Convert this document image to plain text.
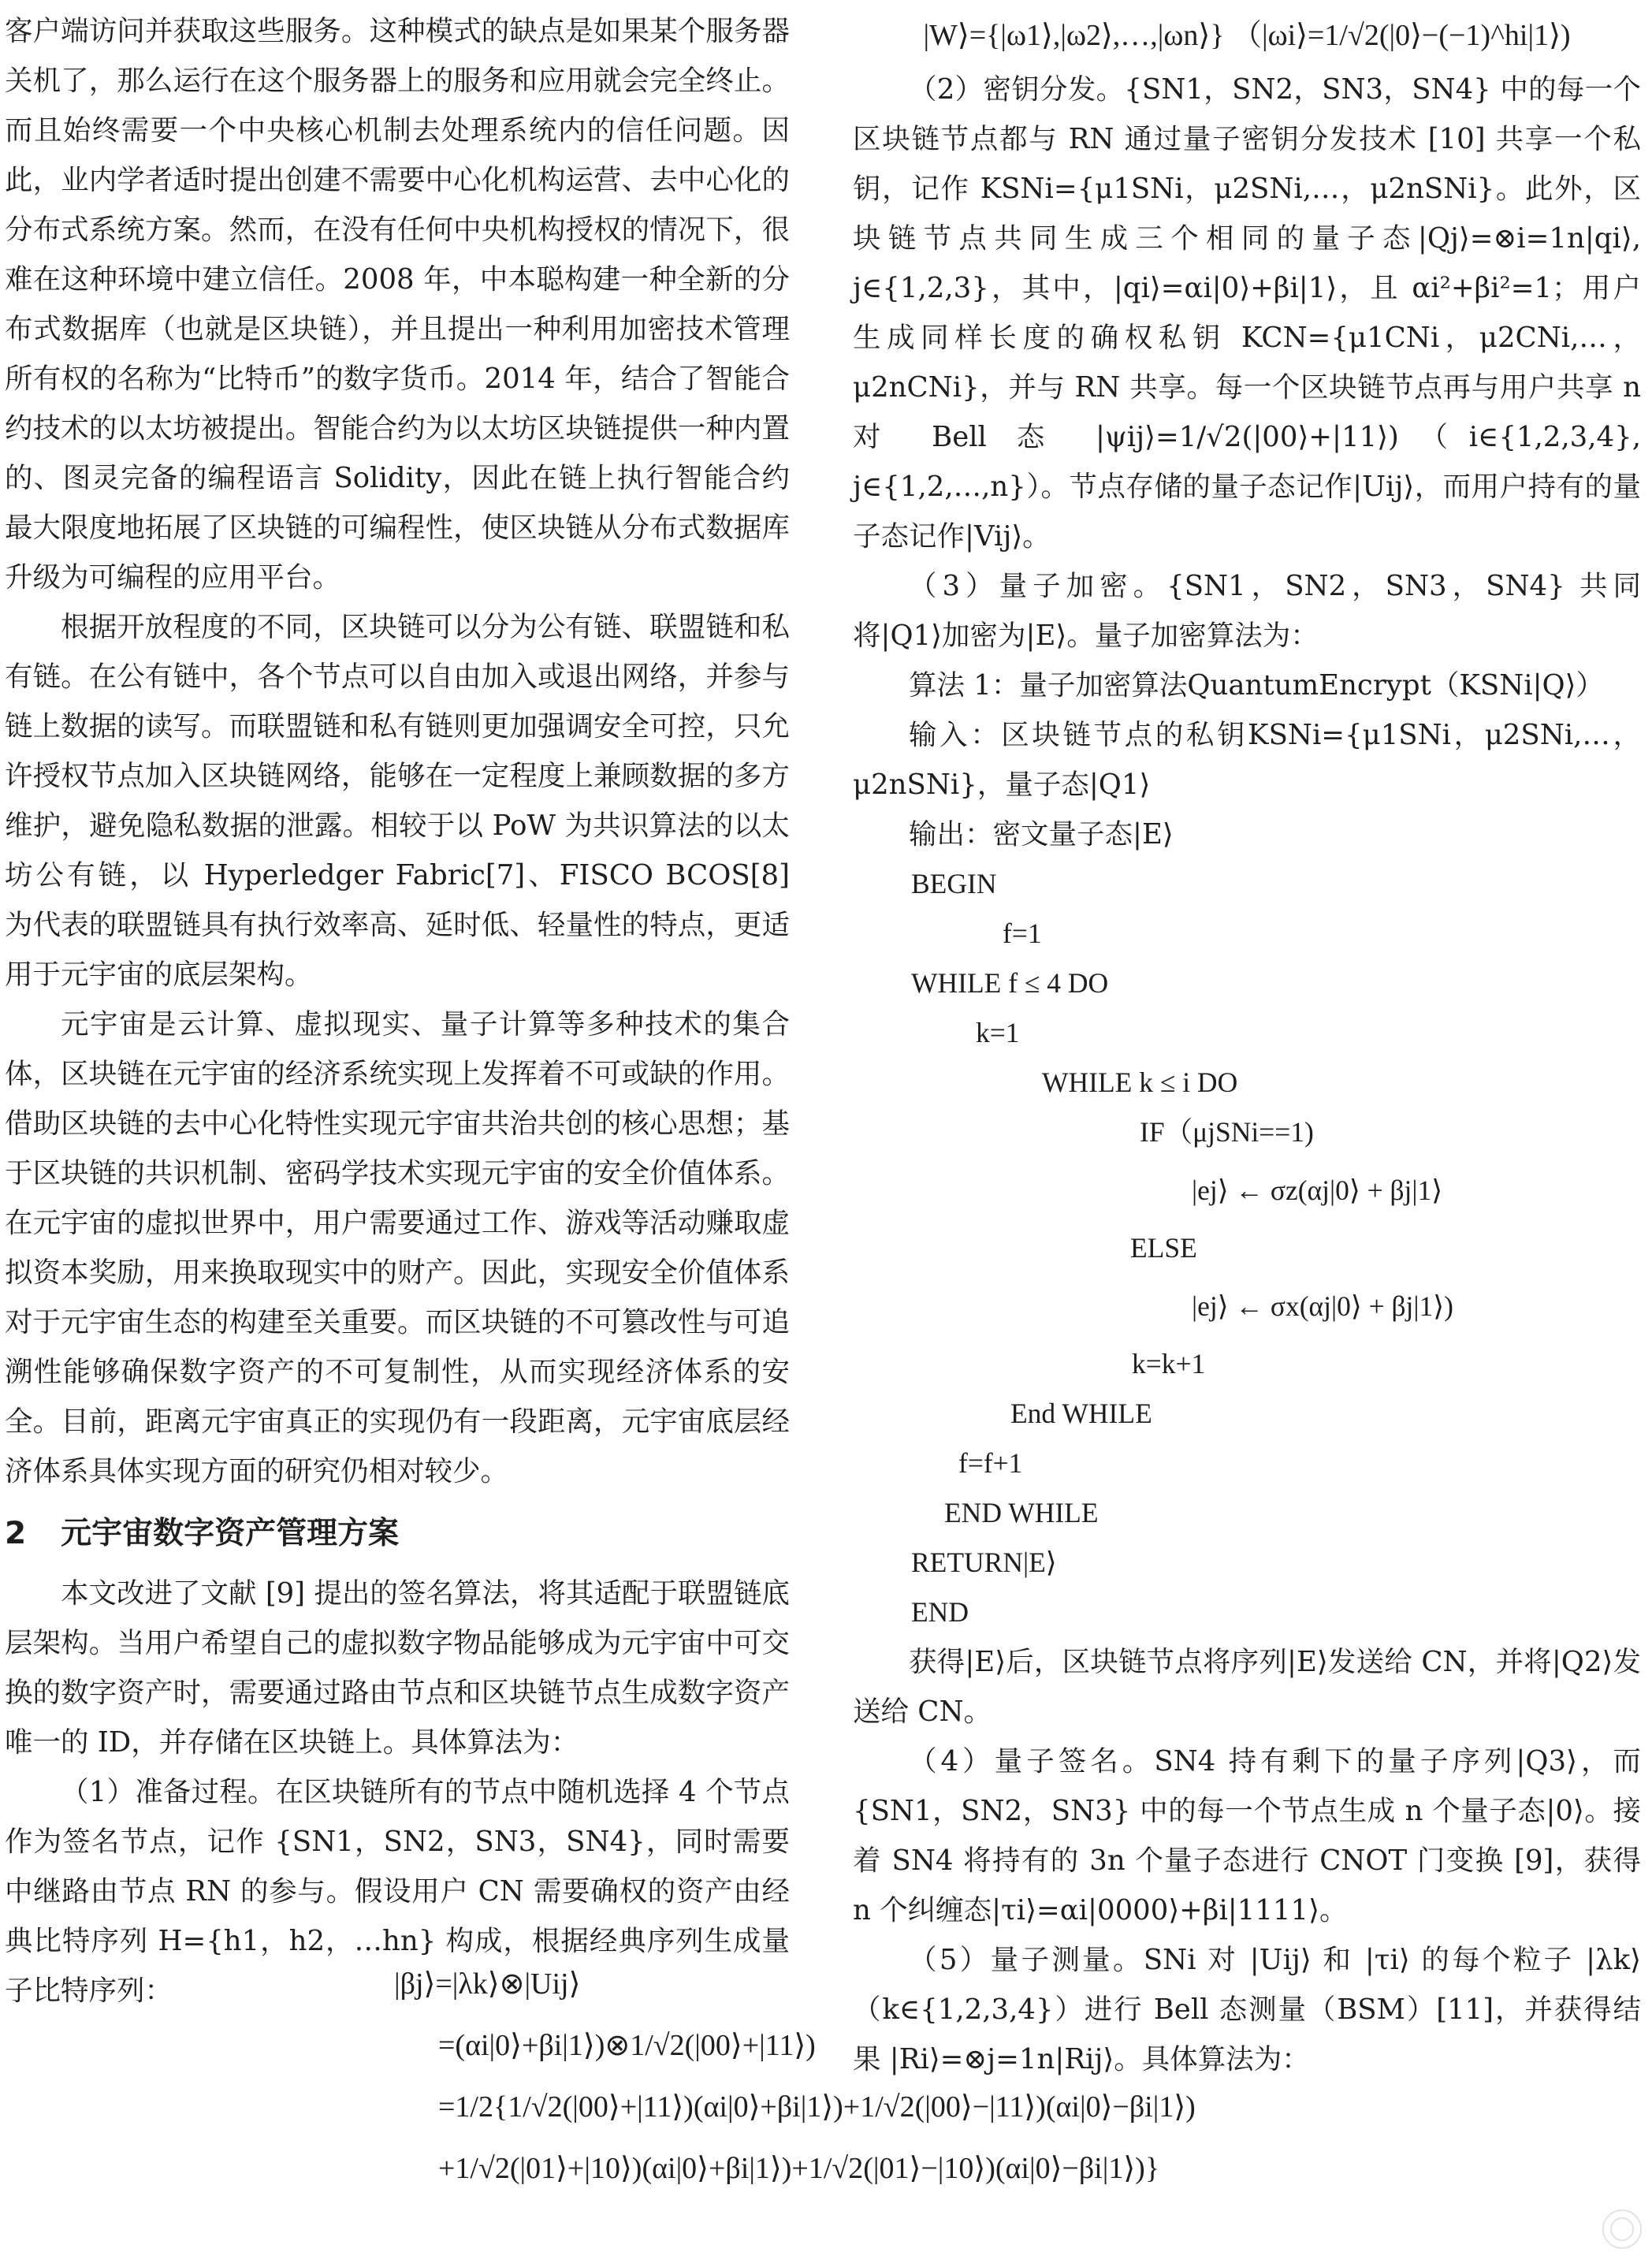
客户端访问并获取这些服务。这种模式的缺点是如果某个服务器关机了，那么运行在这个服务器上的服务和应用就会完全终止。而且始终需要一个中央核心机制去处理系统内的信任问题。因此，业内学者适时提出创建不需要中心化机构运营、去中心化的分布式系统方案。然而，在没有任何中央机构授权的情况下，很难在这种环境中建立信任。2008 年，中本聪构建一种全新的分布式数据库（也就是区块链），并且提出一种利用加密技术管理所有权的名称为“比特币”的数字货币。2014 年，结合了智能合约技术的以太坊被提出。智能合约为以太坊区块链提供一种内置的、图灵完备的编程语言 Solidity，因此在链上执行智能合约最大限度地拓展了区块链的可编程性，使区块链从分布式数据库升级为可编程的应用平台。

根据开放程度的不同，区块链可以分为公有链、联盟链和私有链。在公有链中，各个节点可以自由加入或退出网络，并参与链上数据的读写。而联盟链和私有链则更加强调安全可控，只允许授权节点加入区块链网络，能够在一定程度上兼顾数据的多方维护，避免隐私数据的泄露。相较于以 PoW 为共识算法的以太坊公有链，以 Hyperledger Fabric[7]、FISCO BCOS[8] 为代表的联盟链具有执行效率高、延时低、轻量性的特点，更适用于元宇宙的底层架构。

元宇宙是云计算、虚拟现实、量子计算等多种技术的集合体，区块链在元宇宙的经济系统实现上发挥着不可或缺的作用。借助区块链的去中心化特性实现元宇宙共治共创的核心思想；基于区块链的共识机制、密码学技术实现元宇宙的安全价值体系。在元宇宙的虚拟世界中，用户需要通过工作、游戏等活动赚取虚拟资本奖励，用来换取现实中的财产。因此，实现安全价值体系对于元宇宙生态的构建至关重要。而区块链的不可篡改性与可追溯性能够确保数字资产的不可复制性，从而实现经济体系的安全。目前，距离元宇宙真正的实现仍有一段距离，元宇宙底层经济体系具体实现方面的研究仍相对较少。

2 元宇宙数字资产管理方案

本文改进了文献 [9] 提出的签名算法，将其适配于联盟链底层架构。当用户希望自己的虚拟数字物品能够成为元宇宙中可交换的数字资产时，需要通过路由节点和区块链节点生成数字资产唯一的 ID，并存储在区块链上。具体算法为：

（1）准备过程。在区块链所有的节点中随机选择 4 个节点作为签名节点，记作 {SN1，SN2，SN3，SN4}，同时需要中继路由节点 RN 的参与。假设用户 CN 需要确权的资产由经典比特序列 H={h1，h2，…hn} 构成，根据经典序列生成量子比特序列：

|W⟩={|ω1⟩,|ω2⟩,…,|ωn⟩} （|ωi⟩=1/√2(|0⟩−(−1)^hi|1⟩)

（2）密钥分发。{SN1，SN2，SN3，SN4} 中的每一个区块链节点都与 RN 通过量子密钥分发技术 [10] 共享一个私钥，记作 KSNi={μ1SNi，μ2SNi,…，μ2nSNi}。此外，区块链节点共同生成三个相同的量子态|Qj⟩=⊗i=1n|qi⟩, j∈{1,2,3}，其中，|qi⟩=αi|0⟩+βi|1⟩，且 αi²+βi²=1；用户生成同样长度的确权私钥 KCN={μ1CNi，μ2CNi,…，μ2nCNi}，并与 RN 共享。每一个区块链节点再与用户共享 n 对 Bell 态 |ψij⟩=1/√2(|00⟩+|11⟩)（i∈{1,2,3,4}, j∈{1,2,…,n}）。节点存储的量子态记作|Uij⟩，而用户持有的量子态记作|Vij⟩。

（3）量子加密。{SN1，SN2，SN3，SN4} 共同将|Q1⟩加密为|E⟩。量子加密算法为：

算法 1：量子加密算法QuantumEncrypt（KSNi|Q⟩）

输入：区块链节点的私钥KSNi={μ1SNi，μ2SNi,…，μ2nSNi}，量子态|Q1⟩

输出：密文量子态|E⟩

BEGIN
f=1
WHILE f ≤ 4 DO
k=1
WHILE k ≤ i DO
IF（μjSNi==1)
|ej⟩ ← σz(αj|0⟩ + βj|1⟩
ELSE
|ej⟩ ← σx(αj|0⟩ + βj|1⟩)
k=k+1
End WHILE
f=f+1
END WHILE
RETURN|E⟩
END

获得|E⟩后，区块链节点将序列|E⟩发送给 CN，并将|Q2⟩发送给 CN。

（4）量子签名。SN4 持有剩下的量子序列|Q3⟩，而 {SN1，SN2，SN3} 中的每一个节点生成 n 个量子态|0⟩。接着 SN4 将持有的 3n 个量子态进行 CNOT 门变换 [9]，获得 n 个纠缠态|τi⟩=αi|0000⟩+βi|1111⟩。

（5）量子测量。SNi 对 |Uij⟩ 和 |τi⟩ 的每个粒子 |λk⟩（k∈{1,2,3,4}）进行 Bell 态测量（BSM）[11]，并获得结果 |Ri⟩=⊗j=1n|Rij⟩。具体算法为：

|βj⟩=|λk⟩⊗|Uij⟩
=(αi|0⟩+βi|1⟩)⊗1/√2(|00⟩+|11⟩)
=1/2{1/√2(|00⟩+|11⟩)(αi|0⟩+βi|1⟩)+1/√2(|00⟩−|11⟩)(αi|0⟩−βi|1⟩)
+1/√2(|01⟩+|10⟩)(αi|0⟩+βi|1⟩)+1/√2(|01⟩−|10⟩)(αi|0⟩−βi|1⟩)}
